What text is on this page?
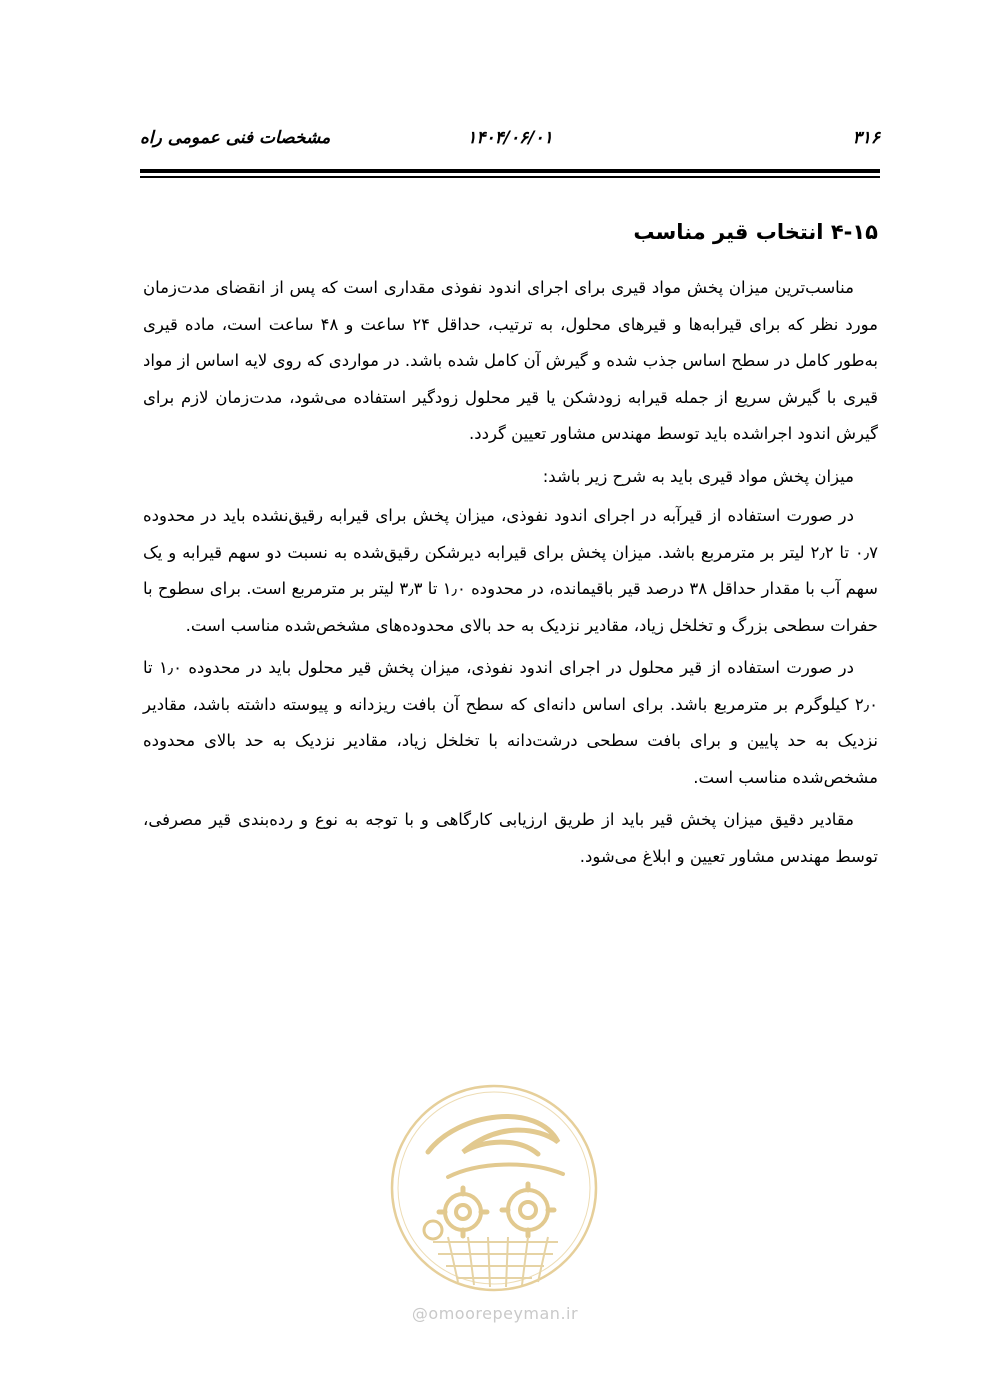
۳۱۶
۱۴۰۴/۰۶/۰۱
مشخصات فنی عمومی راه
۴-۱۵ انتخاب قیر مناسب

مناسب‌ترین میزان پخش مواد قیری برای اجرای اندود نفوذی مقداری است که پس از انقضای مدت‌زمان مورد نظر که برای قیرابه‌ها و قیرهای محلول، به ترتیب، حداقل ۲۴ ساعت و ۴۸ ساعت است، ماده قیری به‌طور کامل در سطح اساس جذب شده و گیرش آن کامل شده باشد. در مواردی که روی لایه اساس از مواد قیری با گیرش سریع از جمله قیرابه زودشکن یا قیر محلول زودگیر استفاده می‌شود، مدت‌زمان لازم برای گیرش اندود اجراشده باید توسط مهندس مشاور تعیین گردد.

میزان پخش مواد قیری باید به شرح زیر باشد:

در صورت استفاده از قیرآبه در اجرای اندود نفوذی، میزان پخش برای قیرابه رقیق‌نشده باید در محدوده ۰٫۷ تا ۲٫۲ لیتر بر مترمربع باشد. میزان پخش برای قیرابه دیرشکن رقیق‌شده به نسبت دو سهم قیرابه و یک سهم آب با مقدار حداقل ۳۸ درصد قیر باقیمانده، در محدوده ۱٫۰ تا ۳٫۳ لیتر بر مترمربع است. برای سطوح با حفرات سطحی بزرگ و تخلخل زیاد، مقادیر نزدیک به حد بالای محدوده‌های مشخص‌شده مناسب است.

در صورت استفاده از قیر محلول در اجرای اندود نفوذی، میزان پخش قیر محلول باید در محدوده ۱٫۰ تا ۲٫۰ کیلوگرم بر مترمربع باشد. برای اساس دانه‌ای که سطح آن بافت ریزدانه و پیوسته داشته باشد، مقادیر نزدیک به حد پایین و برای بافت سطحی درشت‌دانه با تخلخل زیاد، مقادیر نزدیک به حد بالای محدوده مشخص‌شده مناسب است.

مقادیر دقیق میزان پخش قیر باید از طریق ارزیابی کارگاهی و با توجه به نوع و رده‌بندی قیر مصرفی، توسط مهندس مشاور تعیین و ابلاغ می‌شود.

@omoorepeyman.ir
